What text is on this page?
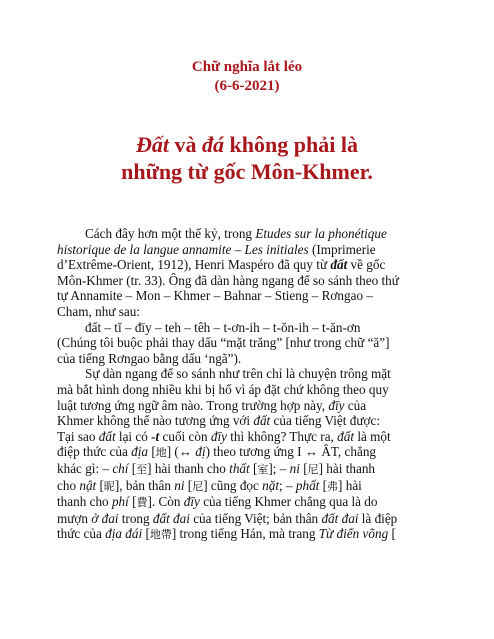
Chữ nghĩa lắt léo
(6-6-2021)
Đất và đá không phải là
những từ gốc Môn-Khmer.
Cách đây hơn một thế kỷ, trong Etudes sur la phonétique
historique de la langue annamite – Les initiales (Imprimerie
d’Extrême-Orient, 1912), Henri Maspéro đã quy từ đất về gốc
Môn-Khmer (tr. 33). Ông đã dàn hàng ngang để so sánh theo thứ
tự Annamite – Mon – Khmer – Bahnar – Stieng – Rơngao –
Cham, như sau:
đất – tĭ – đīy – teh – têh – t-ơn-ih – t-ŏn-ih – t-ăn-ơn
(Chúng tôi buộc phải thay dấu “mặt trăng” [như trong chữ “ă”]
của tiếng Rơngao bằng dấu ‘ngã”).
Sự dàn ngang để so sánh như trên chỉ là chuyện trông mặt
mà bắt hình dong nhiều khi bị hố vì áp đặt chứ không theo quy
luật tương ứng ngữ âm nào. Trong trường hợp này, đīy của
Khmer không thể nào tương ứng với đất của tiếng Việt được:
Tại sao đất lại có -t cuối còn đīy thì không? Thực ra, đất là một
điệp thức của địa [地] (↔ đị) theo tương ứng I ↔ ÂT, chẳng
khác gì: – chí [至] hài thanh cho thất [室]; – ni [尼] hài thanh
cho nật [昵], bản thân ni [尼] cũng đọc nặt; – phất [弗] hài
thanh cho phí [費]. Còn đīy của tiếng Khmer chẳng qua là do
mượn ở đai trong đất đai của tiếng Việt; bản thân đất đai là điệp
thức của địa đái [地帶] trong tiếng Hán, mà trang Từ điển võng [
